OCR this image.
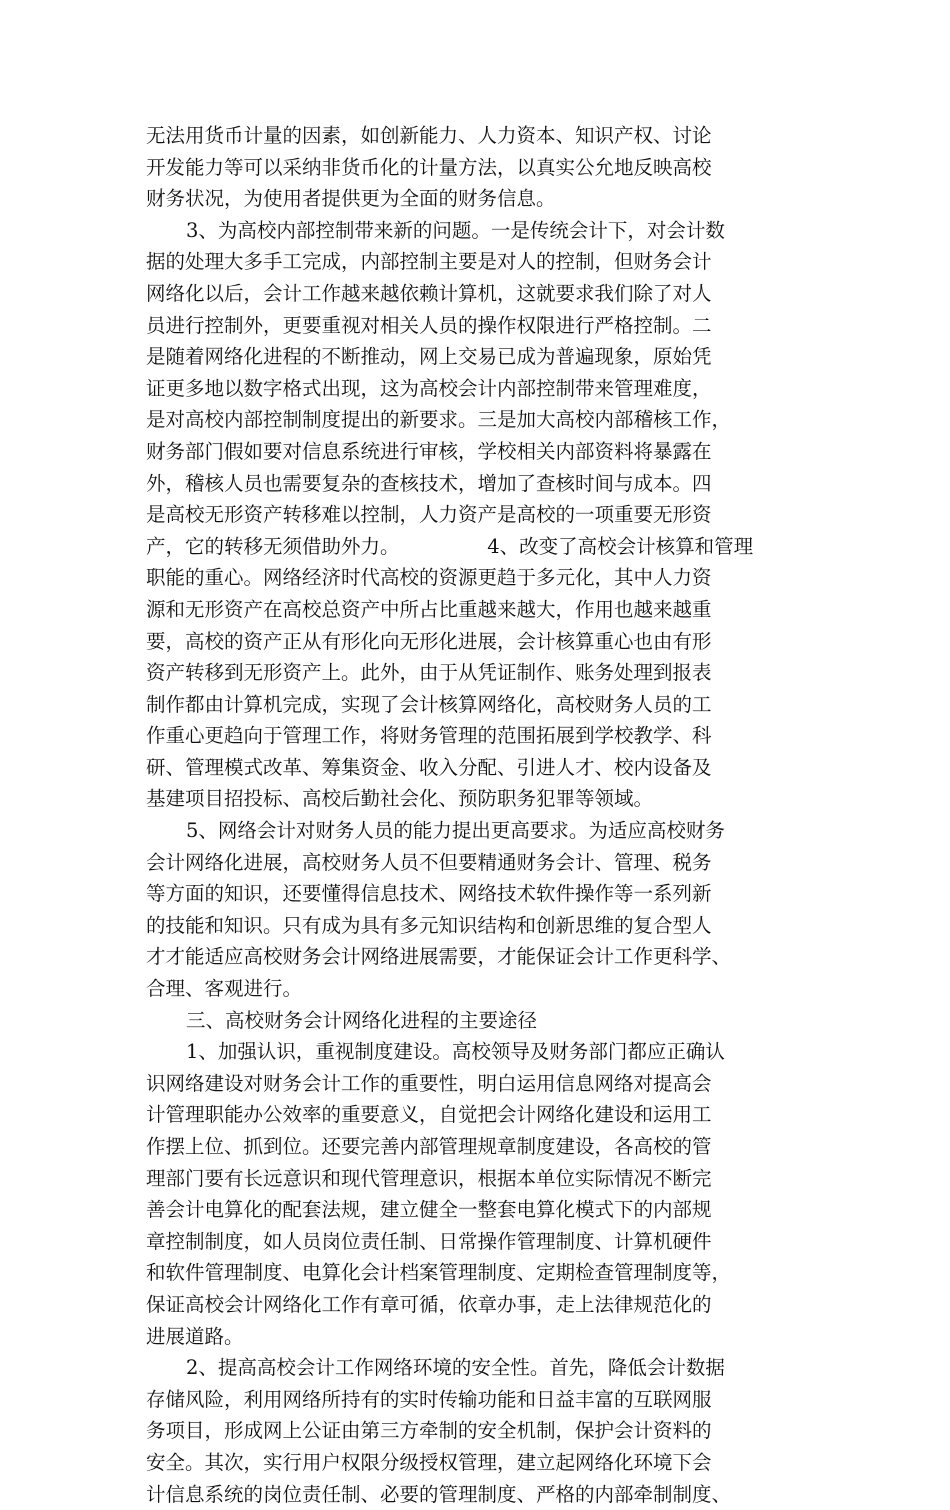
无法用货币计量的因素，如创新能力、人力资本、知识产权、讨论
开发能力等可以采纳非货币化的计量方法，以真实公允地反映高校
财务状况，为使用者提供更为全面的财务信息。
3、为高校内部控制带来新的问题。一是传统会计下，对会计数
据的处理大多手工完成，内部控制主要是对人的控制，但财务会计
网络化以后，会计工作越来越依赖计算机，这就要求我们除了对人
员进行控制外，更要重视对相关人员的操作权限进行严格控制。二
是随着网络化进程的不断推动，网上交易已成为普遍现象，原始凭
证更多地以数字格式出现，这为高校会计内部控制带来管理难度，
是对高校内部控制制度提出的新要求。三是加大高校内部稽核工作，
财务部门假如要对信息系统进行审核，学校相关内部资料将暴露在
外，稽核人员也需要复杂的查核技术，增加了查核时间与成本。四
是高校无形资产转移难以控制，人力资产是高校的一项重要无形资
产，它的转移无须借助外力。　　　　　4、改变了高校会计核算和管理
职能的重心。网络经济时代高校的资源更趋于多元化，其中人力资
源和无形资产在高校总资产中所占比重越来越大，作用也越来越重
要，高校的资产正从有形化向无形化进展，会计核算重心也由有形
资产转移到无形资产上。此外，由于从凭证制作、账务处理到报表
制作都由计算机完成，实现了会计核算网络化，高校财务人员的工
作重心更趋向于管理工作，将财务管理的范围拓展到学校教学、科
研、管理模式改革、筹集资金、收入分配、引进人才、校内设备及
基建项目招投标、高校后勤社会化、预防职务犯罪等领域。
5、网络会计对财务人员的能力提出更高要求。为适应高校财务
会计网络化进展，高校财务人员不但要精通财务会计、管理、税务
等方面的知识，还要懂得信息技术、网络技术软件操作等一系列新
的技能和知识。只有成为具有多元知识结构和创新思维的复合型人
才才能适应高校财务会计网络进展需要，才能保证会计工作更科学、
合理、客观进行。
三、高校财务会计网络化进程的主要途径
1、加强认识，重视制度建设。高校领导及财务部门都应正确认
识网络建设对财务会计工作的重要性，明白运用信息网络对提高会
计管理职能办公效率的重要意义，自觉把会计网络化建设和运用工
作摆上位、抓到位。还要完善内部管理规章制度建设，各高校的管
理部门要有长远意识和现代管理意识，根据本单位实际情况不断完
善会计电算化的配套法规，建立健全一整套电算化模式下的内部规
章控制制度，如人员岗位责任制、日常操作管理制度、计算机硬件
和软件管理制度、电算化会计档案管理制度、定期检查管理制度等，
保证高校会计网络化工作有章可循，依章办事，走上法律规范化的
进展道路。
2、提高高校会计工作网络环境的安全性。首先，降低会计数据
存储风险，利用网络所持有的实时传输功能和日益丰富的互联网服
务项目，形成网上公证由第三方牵制的安全机制，保护会计资料的
安全。其次，实行用户权限分级授权管理，建立起网络化环境下会
计信息系统的岗位责任制、必要的管理制度、严格的内部牵制制度、
